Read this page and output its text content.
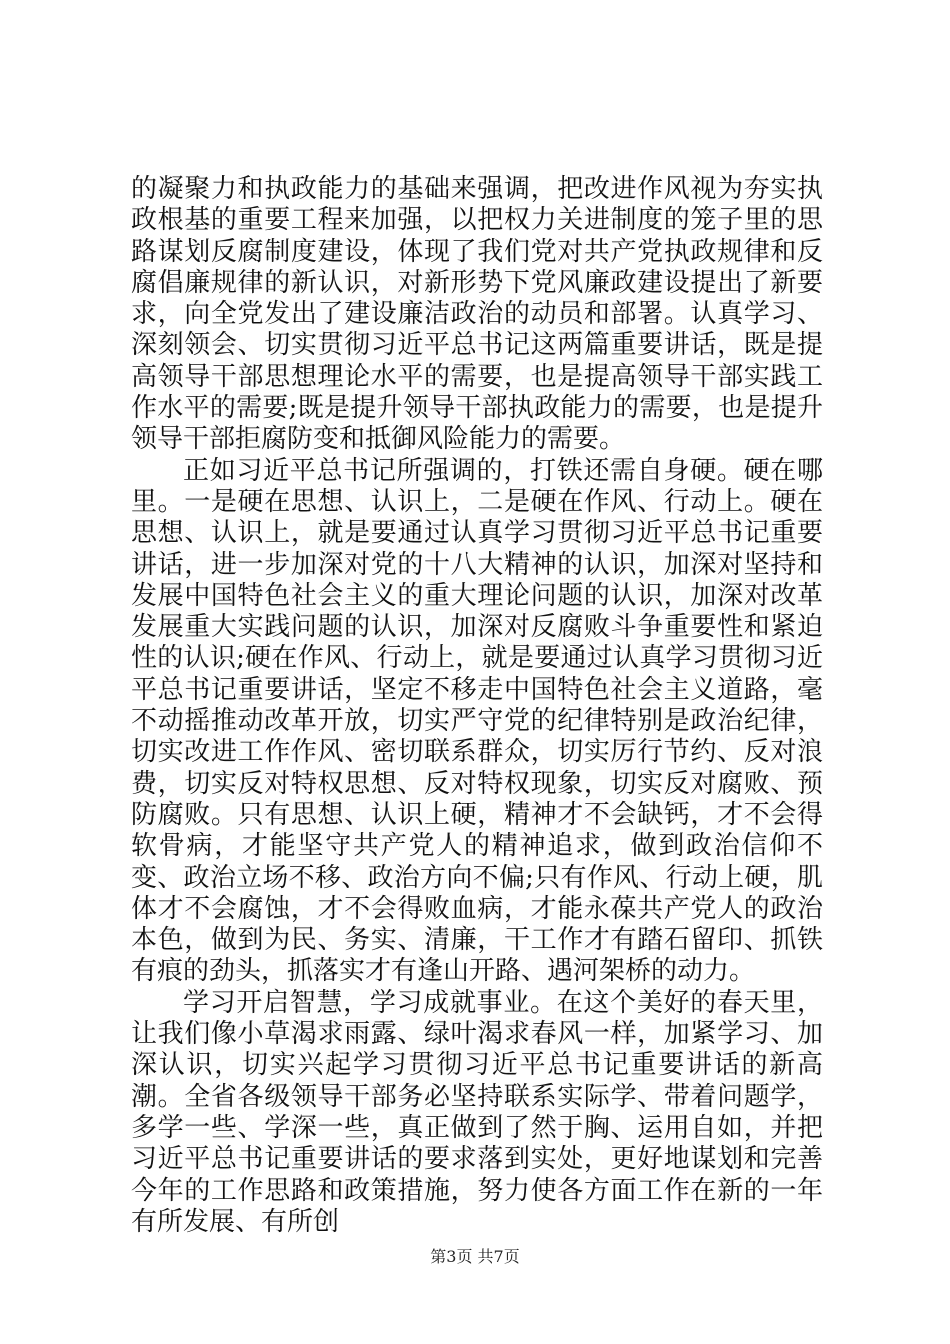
的凝聚力和执政能力的基础来强调，把改进作风视为夯实执政根基的重要工程来加强，以把权力关进制度的笼子里的思路谋划反腐制度建设，体现了我们党对共产党执政规律和反腐倡廉规律的新认识，对新形势下党风廉政建设提出了新要求，向全党发出了建设廉洁政治的动员和部署。认真学习、深刻领会、切实贯彻习近平总书记这两篇重要讲话，既是提高领导干部思想理论水平的需要，也是提高领导干部实践工作水平的需要;既是提升领导干部执政能力的需要，也是提升领导干部拒腐防变和抵御风险能力的需要。

正如习近平总书记所强调的，打铁还需自身硬。硬在哪里。一是硬在思想、认识上，二是硬在作风、行动上。硬在思想、认识上，就是要通过认真学习贯彻习近平总书记重要讲话，进一步加深对党的十八大精神的认识，加深对坚持和发展中国特色社会主义的重大理论问题的认识，加深对改革发展重大实践问题的认识，加深对反腐败斗争重要性和紧迫性的认识;硬在作风、行动上，就是要通过认真学习贯彻习近平总书记重要讲话，坚定不移走中国特色社会主义道路，毫不动摇推动改革开放，切实严守党的纪律特别是政治纪律，切实改进工作作风、密切联系群众，切实厉行节约、反对浪费，切实反对特权思想、反对特权现象，切实反对腐败、预防腐败。只有思想、认识上硬，精神才不会缺钙，才不会得软骨病，才能坚守共产党人的精神追求，做到政治信仰不变、政治立场不移、政治方向不偏;只有作风、行动上硬，肌体才不会腐蚀，才不会得败血病，才能永葆共产党人的政治本色，做到为民、务实、清廉，干工作才有踏石留印、抓铁有痕的劲头，抓落实才有逢山开路、遇河架桥的动力。

学习开启智慧，学习成就事业。在这个美好的春天里，让我们像小草渴求雨露、绿叶渴求春风一样，加紧学习、加深认识，切实兴起学习贯彻习近平总书记重要讲话的新高潮。全省各级领导干部务必坚持联系实际学、带着问题学，多学一些、学深一些，真正做到了然于胸、运用自如，并把习近平总书记重要讲话的要求落到实处，更好地谋划和完善今年的工作思路和政策措施，努力使各方面工作在新的一年有所发展、有所创

第3页 共7页
